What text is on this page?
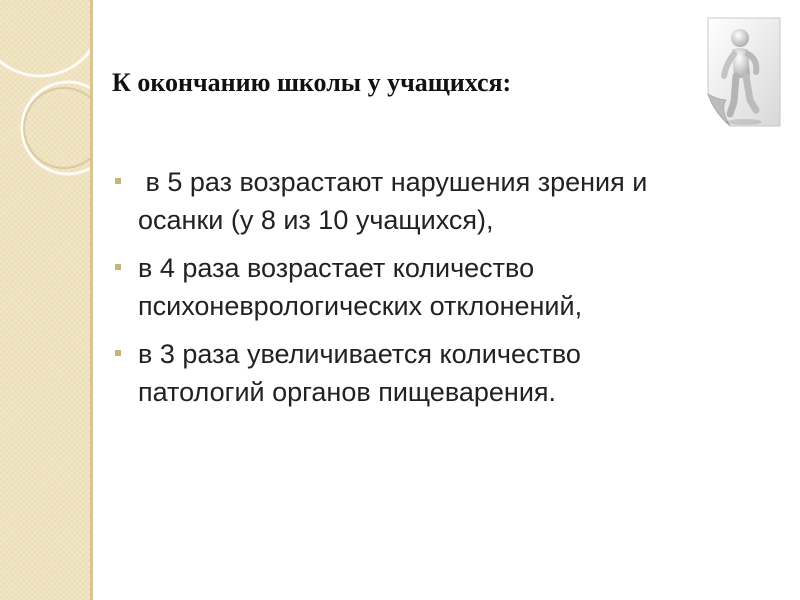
К окончанию школы у учащихся:
в 5 раз возрастают нарушения зрения и осанки (у 8 из 10 учащихся),
в 4 раза возрастает количество психоневрологических отклонений,
в 3 раза увеличивается количество патологий органов пищеварения.
